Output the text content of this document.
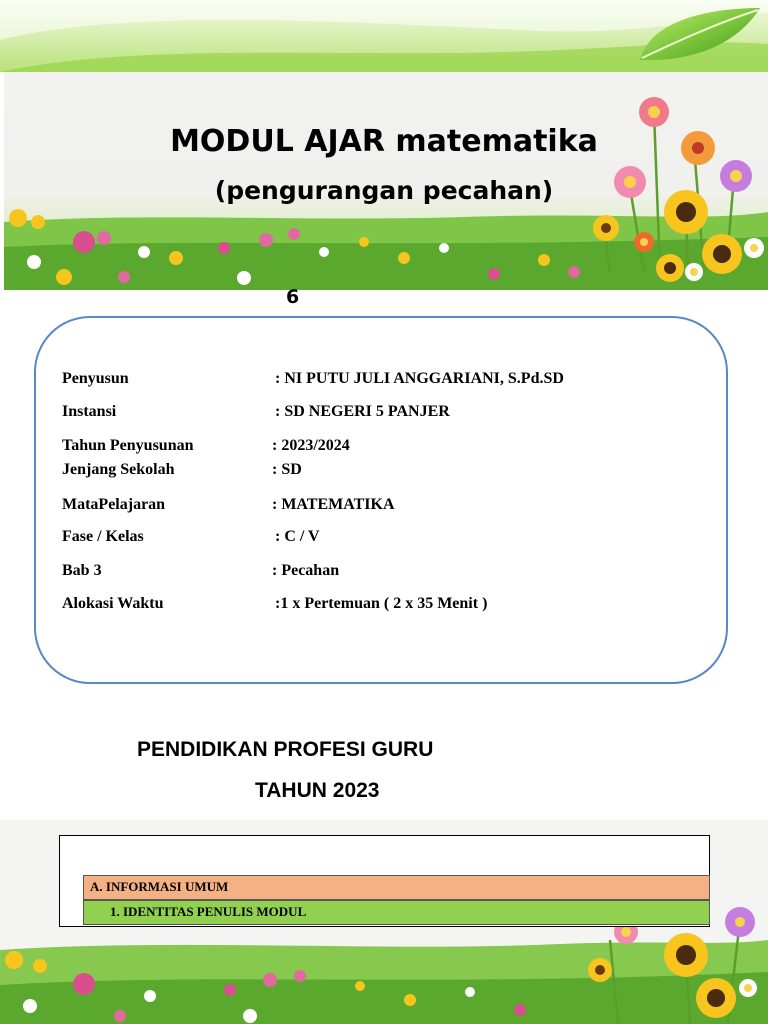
MODUL AJAR matematika
(pengurangan pecahan)
6
Penyusun	: NI PUTU JULI ANGGARIANI, S.Pd.SD
Instansi	: SD NEGERI 5 PANJER
Tahun Penyusunan	: 2023/2024
Jenjang Sekolah	: SD
MataPelajaran	: MATEMATIKA
Fase / Kelas	: C / V
Bab 3	: Pecahan
Alokasi Waktu	:1 x Pertemuan ( 2 x 35 Menit )
PENDIDIKAN PROFESI GURU
TAHUN 2023
A. INFORMASI UMUM
1. IDENTITAS PENULIS MODUL
